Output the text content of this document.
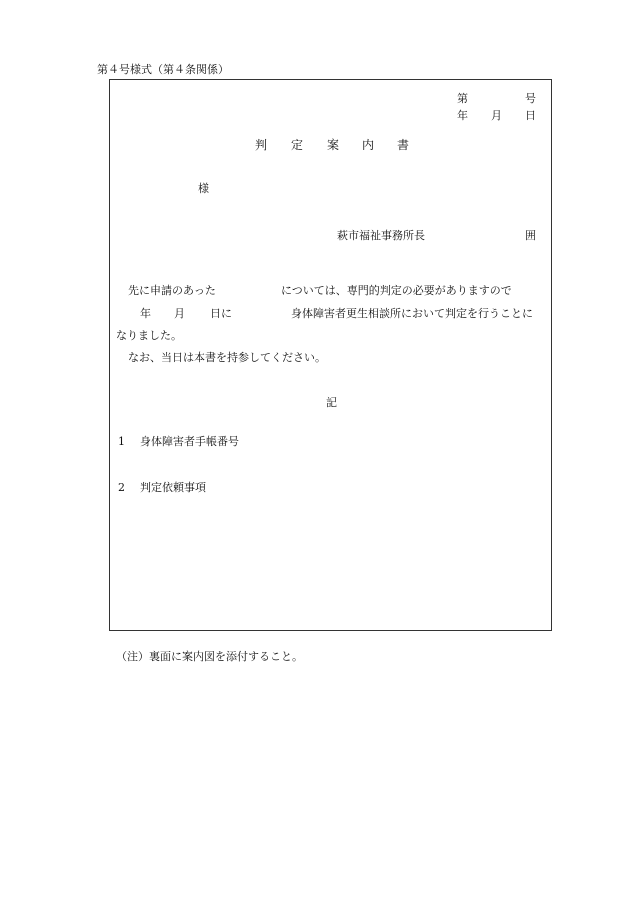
第４号様式（第４条関係）
第	号
年 月 日
判 定 案 内 書
様
萩市福祉事務所長	囲
先に申請のあった	については、専門的判定の必要がありますので
年 月 日に	身体障害者更生相談所において判定を行うことに
なりました。
なお、当日は本書を持参してください。
記
1 身体障害者手帳番号
2 判定依頼事項
（注）裏面に案内図を添付すること。
